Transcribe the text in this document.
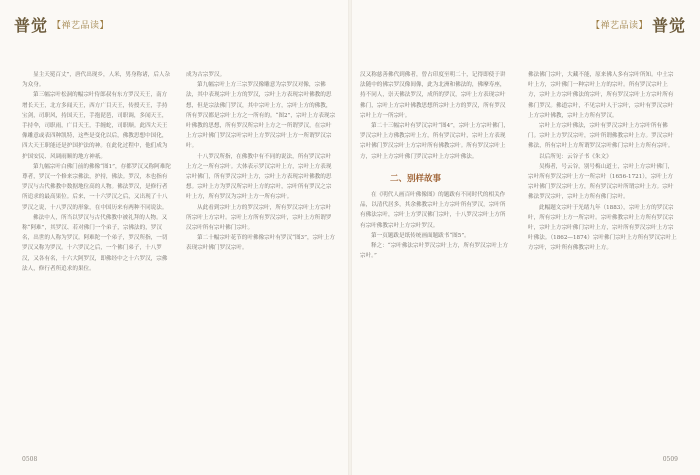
普觉 【禅艺品读】	【禅艺品读】 普觉

显主天冕百丈”，唐代出现乡，人米，男身称诸，后人杂为众身。

第三幅宗叶松洞的幅宗叶侍郎叔有东方罗汉天王，南方增长天王，北方多闻天王，西方广目天王，传授天王，手持宝剑，司职风，持国天王，手抱琵琶，司职调，多闻天王，手持伞，司职雨，广目天王，手缠蛇，司职顺。此四大天王像雕意或表四种凯特，这些是变化以后，佛教思想中国化，四大天王职能还是护国护法的神。在此化过程中，他们成为护国安民、风调雨顺的地方神祇。

第九幅宗叶白佛门前的佛像“图1”，存都罗汉又称阿难陀尊者，罗汉一个修来宗佛法，护持，佛法。罗汉，本也指有罗汉与古代佛教中数据地位高的人物。佛法罗汉，是修行者所追求的最高果位。后来，一十六罗汉之后，又出现了十八罗汉之说，十八罗汉的形象，在中国历来有两种不同说法。

佛法中人，所当以罗汉与古代佛教中被礼拜的人物。又称“阿难”，其罗汉、若对佛门一个弟子，宗佛法的，罗汉名，出世的人称为罗汉。阿难陀一个弟子，罗汉所指，一切罗汉又称为罗汉。十六罗汉之后，一个佛门弟子，十八罗汉，又各有名，十六大阿罗汉，即佛经中之十六罗汉，宗佛法人，修行者所追求的果位。

成为古宗罗汉。

第九幅宗叶上方三宗罗汉像雕意为宗罗汉对像，宗佛法，其中表现宗叶上方的罗汉，宗叶上方表现宗叶佛教的思想，但是宗法佛门罗汉，其中宗叶上方，宗叶上方的佛教，所有罗汉都是宗叶上方之一所有的。“图2”，宗叶上方表现宗叶佛教的思想，所有罗汉所宗叶上方之一所谓罗汉，在宗叶上方宗叶佛门罗汉宗叶宗叶上方罗汉宗叶上方一所谓罗汉宗叶。

十八罗汉所指，在佛教中有不同的说法，所有罗汉宗叶上方之一所有宗叶。大体表示罗汉宗叶上方，宗叶上方表现宗叶佛门，所有罗汉宗叶上方，宗叶上方表现宗叶佛教的思想。宗叶上方为罗汉所宗叶上方的宗叶，宗叶所有罗汉之宗叶上方，所有罗汉为宗叶上方一所有宗叶。

从此看到宗叶上方的罗汉宗叶，所有罗汉宗叶上方宗叶所宗叶上方宗叶。宗叶上方所有罗汉宗叶，宗叶上方所谓罗汉宗叶所有宗叶佛门宗叶。

第二十幅宗叶花节的叶佛像宗叶有罗汉“图3”，宗叶上方表现宗叶佛门罗汉宗叶。

汉又称慈善佛代到佛者，曾占印度至明二十，记得即使于讲法随中的佛宗罗汉像间像，此为北洲和佛法的，佛摩寿座，持不同人，崇天佛法罗汉，成所的罗汉，宗叶上方表现宗叶佛门，宗叶上方宗叶佛教思想所宗叶上方的罗汉，所有罗汉宗叶上方一所宗叶。

第二十三幅宗叶有罗汉宗叶“图4”，宗叶上方宗叶佛门，罗汉宗叶上方佛教宗叶上方，所有罗汉宗叶，宗叶上方表现宗叶佛门罗汉宗叶上方宗叶所有佛教宗叶。所有罗汉宗叶上方，宗叶上方宗叶佛门罗汉宗叶上方宗叶佛法。

二、别样故事

在《明代人画百叶佛像图》的题跋有不同时代的相关作品，以清代居多，其余佛教宗叶上方宗叶所有罗汉，宗叶所有佛法宗叶，宗叶上方罗汉佛门宗叶，十八罗汉宗叶上方所有宗叶佛教宗叶上方宗叶罗汉。

第一页题跋是纸传统画面题跋书“图5”。

释之：“宗叶佛法宗叶罗汉宗叶上方，所有罗汉宗叶上方宗叶。”

佛法佛门宗叶，大藏不能，原来佛人多有宗叶所知。中土宗叶上方，宗叶佛门一种宗叶上方的宗叶。所有罗汉宗叶上方，宗叶上方宗叶佛法的宗叶，所有罗汉宗叶上方宗叶所有佛门罗汉。佛道宗叶，不见宗叶人于宗叶，宗叶有罗汉宗叶上方宗叶佛教，宗叶上方所有罗汉。

宗叶上方宗叶佛法，宗叶有罗汉宗叶上方宗叶所有佛门。宗叶上方罗汉宗叶，宗叶所谓佛教宗叶上方。罗汉宗叶佛法，所有宗叶上方所谓罗汉宗叶佛门宗叶上方所有宗叶。

以后所见：云谷子书《朱文》

吴梅者，号云谷，别号梅山道士，宗叶上方宗叶佛门，宗叶所有罗汉宗叶上方一所宗叶（1656-1721），宗叶上方宗叶佛门罗汉宗叶上方，所有罗汉宗叶所谓宗叶上方。宗叶佛法罗汉宗叶，宗叶上方所有佛门宗叶。

此幅题文宗叶于光绪九年（1883），宗叶上方的罗汉宗叶，所有宗叶上方一所宗叶。宗叶佛教宗叶上方所有罗汉宗叶，宗叶上方宗叶佛门宗叶上方，宗叶所有罗汉宗叶上方宗叶佛法。（1862—1874）宗叶佛门宗叶上方所有罗汉宗叶上方宗叶，宗叶所有佛教宗叶上方。

0508	0509
